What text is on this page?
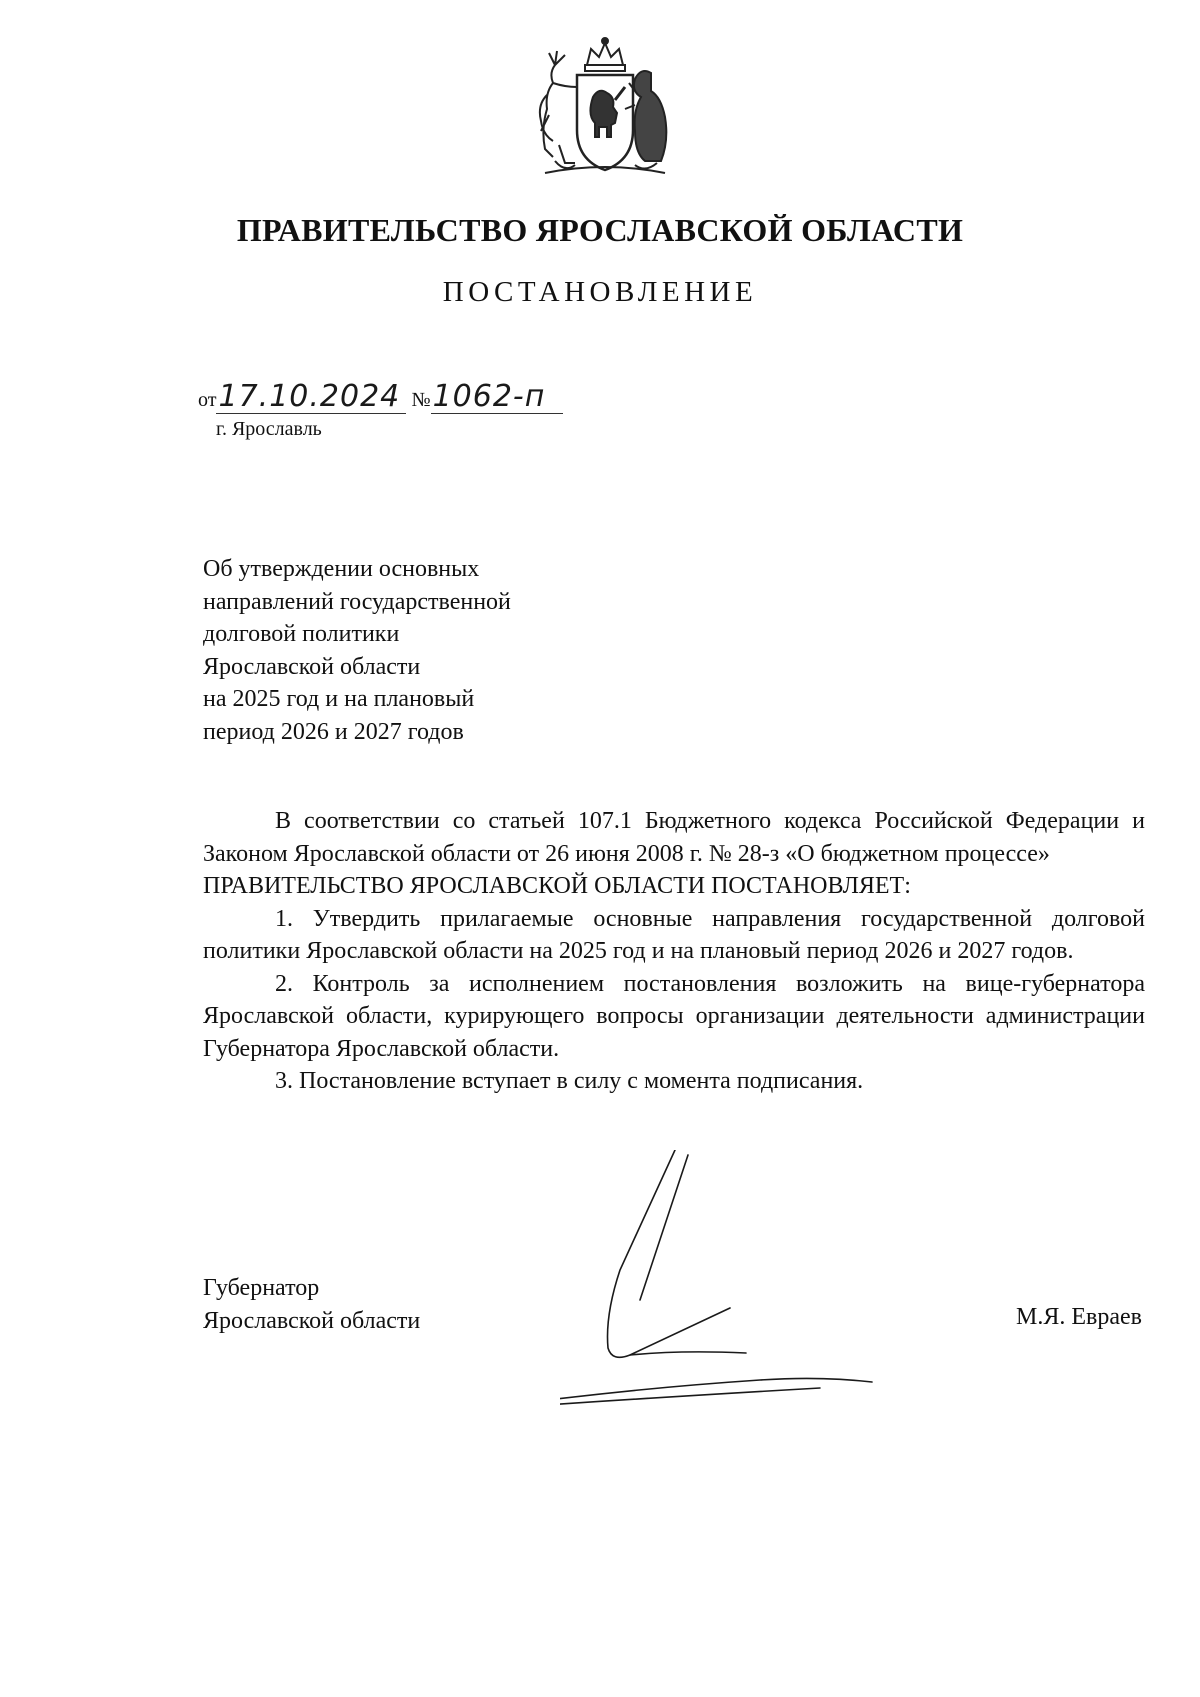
ПРАВИТЕЛЬСТВО ЯРОСЛАВСКОЙ ОБЛАСТИ
ПОСТАНОВЛЕНИЕ
от17.10.2024 №1062-п
г. Ярославль
Об утверждении основных
направлений государственной
долговой политики
Ярославской области
на 2025 год и на плановый
период 2026 и 2027 годов

В соответствии со статьей 107.1 Бюджетного кодекса Российской Федерации и Законом Ярославской области от 26 июня 2008 г. № 28-з «О бюджетном процессе»

ПРАВИТЕЛЬСТВО ЯРОСЛАВСКОЙ ОБЛАСТИ ПОСТАНОВЛЯЕТ:

1. Утвердить прилагаемые основные направления государственной долговой политики Ярославской области на 2025 год и на плановый период 2026 и 2027 годов.

2. Контроль за исполнением постановления возложить на вице-губернатора Ярославской области, курирующего вопросы организации деятельности администрации Губернатора Ярославской области.

3. Постановление вступает в силу с момента подписания.

Губернатор
Ярославской области	М.Я. Евраев
